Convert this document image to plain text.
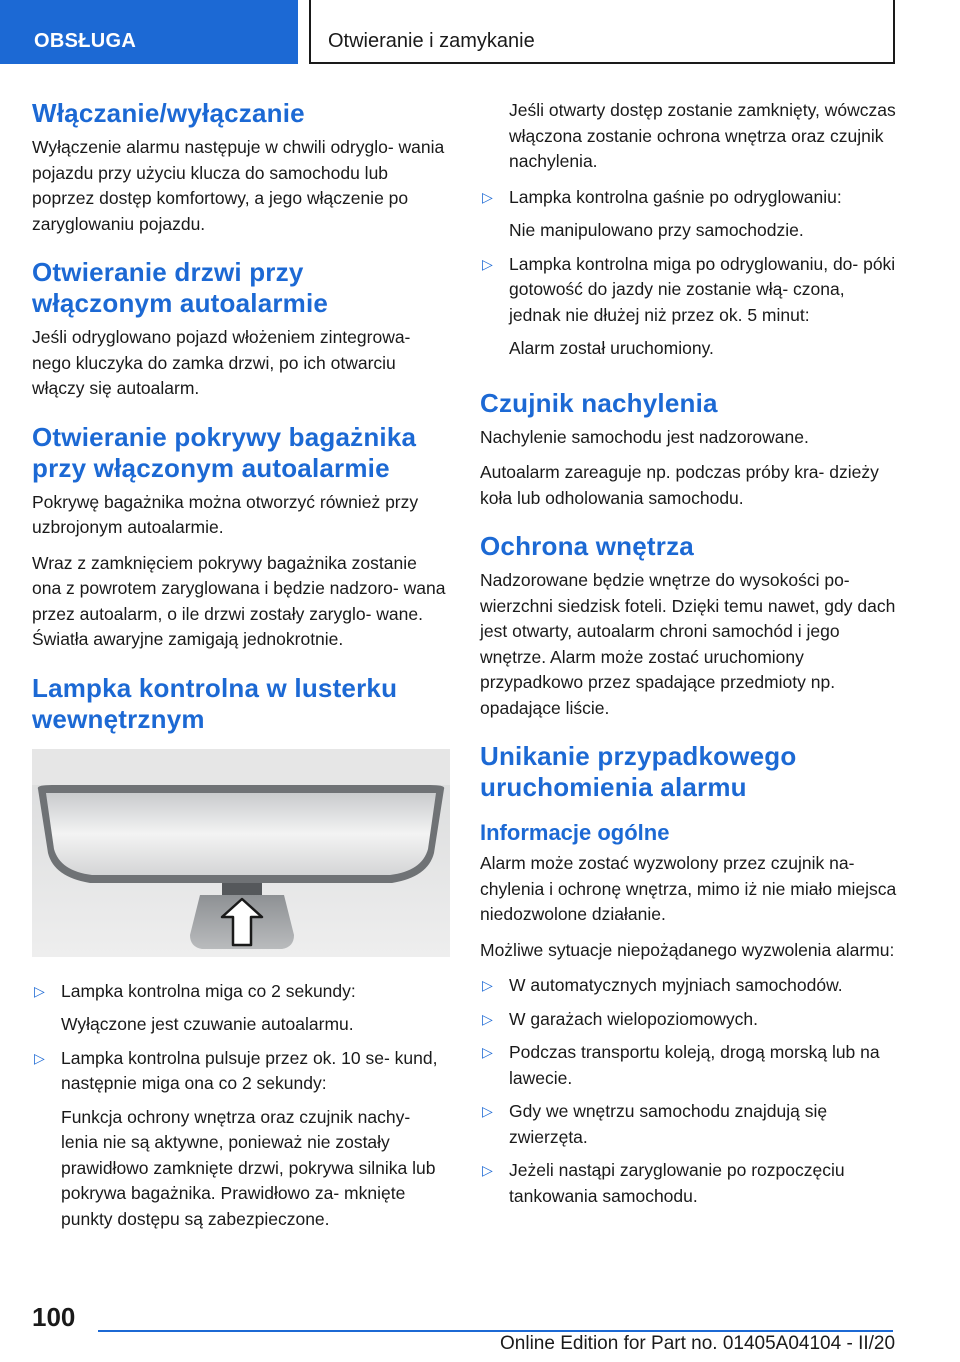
OBSŁUGA	Otwieranie i zamykanie
Włączanie/wyłączanie

Wyłączenie alarmu następuje w chwili odryglo- wania pojazdu przy użyciu klucza do samochodu lub poprzez dostęp komfortowy, a jego włączenie po zaryglowaniu pojazdu.

Otwieranie drzwi przy włączonym autoalarmie

Jeśli odryglowano pojazd włożeniem zintegrowa- nego kluczyka do zamka drzwi, po ich otwarciu włączy się autoalarm.

Otwieranie pokrywy bagażnika przy włączonym autoalarmie

Pokrywę bagażnika można otworzyć również przy uzbrojonym autoalarmie.

Wraz z zamknięciem pokrywy bagażnika zostanie ona z powrotem zaryglowana i będzie nadzoro- wana przez autoalarm, o ile drzwi zostały zaryglo- wane. Światła awaryjne zamigają jednokrotnie.

Lampka kontrolna w lusterku wewnętrznym
▷ Lampka kontrolna miga co 2 sekundy:
Wyłączone jest czuwanie autoalarmu.
▷ Lampka kontrolna pulsuje przez ok. 10 se- kund, następnie miga ona co 2 sekundy:
Funkcja ochrony wnętrza oraz czujnik nachy- lenia nie są aktywne, ponieważ nie zostały prawidłowo zamknięte drzwi, pokrywa silnika lub pokrywa bagażnika. Prawidłowo za- mknięte punkty dostępu są zabezpieczone.

Jeśli otwarty dostęp zostanie zamknięty, wówczas włączona zostanie ochrona wnętrza oraz czujnik nachylenia.

▷ Lampka kontrolna gaśnie po odryglowaniu:
Nie manipulowano przy samochodzie.
▷ Lampka kontrolna miga po odryglowaniu, do- póki gotowość do jazdy nie zostanie włą- czona, jednak nie dłużej niż przez ok. 5 minut:
Alarm został uruchomiony.
Czujnik nachylenia

Nachylenie samochodu jest nadzorowane.

Autoalarm zareaguje np. podczas próby kra- dzieży koła lub odholowania samochodu.

Ochrona wnętrza

Nadzorowane będzie wnętrze do wysokości po- wierzchni siedzisk foteli. Dzięki temu nawet, gdy dach jest otwarty, autoalarm chroni samochód i jego wnętrze. Alarm może zostać uruchomiony przypadkowo przez spadające przedmioty np. opadające liście.

Unikanie przypadkowego uruchomienia alarmu
Informacje ogólne

Alarm może zostać wyzwolony przez czujnik na- chylenia i ochronę wnętrza, mimo iż nie miało miejsca niedozwolone działanie.

Możliwe sytuacje niepożądanego wyzwolenia alarmu:

▷ W automatycznych myjniach samochodów.
▷ W garażach wielopoziomowych.
▷ Podczas transportu koleją, drogą morską lub na lawecie.
▷ Gdy we wnętrzu samochodu znajdują się zwierzęta.
▷ Jeżeli nastąpi zaryglowanie po rozpoczęciu tankowania samochodu.
100
Online Edition for Part no. 01405A04104 - II/20
